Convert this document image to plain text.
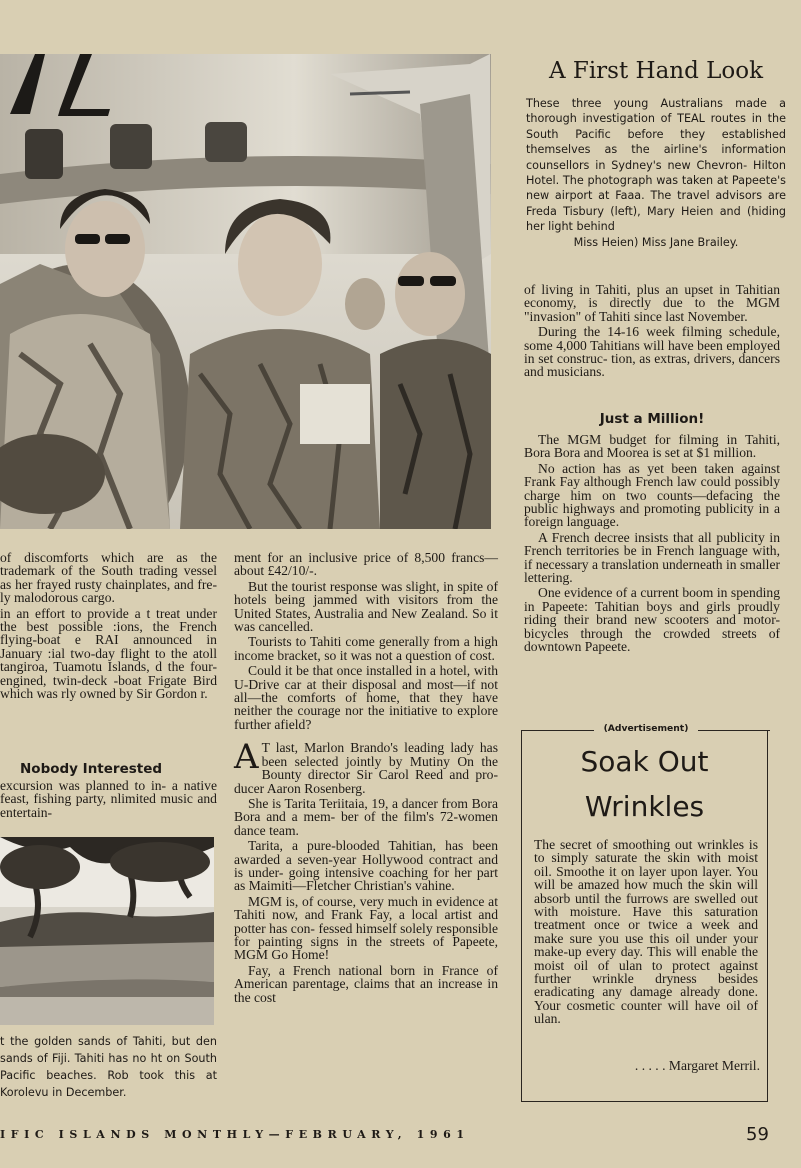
A First Hand Look
These three young Australians made a thorough investigation of TEAL routes in the South Pacific before they established themselves as the airline's information counsellors in Sydney's new Chevron- Hilton Hotel. The photograph was taken at Papeete's new airport at Faaa. The travel advisors are Freda Tisbury (left), Mary Heien and (hiding her light behind
Miss Heien) Miss Jane Brailey.

of discomforts which are as the trademark of the South trading vessel as her frayed rusty chainplates, and fre- ly malodorous cargo.

in an effort to provide a t treat under the best possible :ions, the French flying-boat e RAI announced in January :ial two-day flight to the atoll tangiroa, Tuamotu Islands, d the four-engined, twin-deck -boat Frigate Bird which was rly owned by Sir Gordon r.

Nobody Interested

excursion was planned to in- a native feast, fishing party, nlimited music and entertain-

t the golden sands of Tahiti, but den sands of Fiji. Tahiti has no ht on South Pacific beaches. Rob took this at Korolevu in December.

ment for an inclusive price of 8,500 francs—about £42/10/-.

But the tourist response was slight, in spite of hotels being jammed with visitors from the United States, Australia and New Zealand. So it was cancelled.

Tourists to Tahiti come generally from a high income bracket, so it was not a question of cost.

Could it be that once installed in a hotel, with U-Drive car at their disposal and most—if not all—the comforts of home, that they have neither the courage nor the initiative to explore further afield?

A T last, Marlon Brando's leading lady has been selected jointly by Mutiny On the Bounty director Sir Carol Reed and pro- ducer Aaron Rosenberg.

She is Tarita Teriitaia, 19, a dancer from Bora Bora and a mem- ber of the film's 72-women dance team.

Tarita, a pure-blooded Tahitian, has been awarded a seven-year Hollywood contract and is under- going intensive coaching for her part as Maimiti—Fletcher Christian's vahine.

MGM is, of course, very much in evidence at Tahiti now, and Frank Fay, a local artist and potter has con- fessed himself solely responsible for painting signs in the streets of Papeete, MGM Go Home!

Fay, a French national born in France of American parentage, claims that an increase in the cost

of living in Tahiti, plus an upset in Tahitian economy, is directly due to the MGM "invasion" of Tahiti since last November.

During the 14-16 week filming schedule, some 4,000 Tahitians will have been employed in set construc- tion, as extras, drivers, dancers and musicians.

Just a Million!

The MGM budget for filming in Tahiti, Bora Bora and Moorea is set at $1 million.

No action has as yet been taken against Frank Fay although French law could possibly charge him on two counts—defacing the public highways and promoting publicity in a foreign language.

A French decree insists that all publicity in French territories be in French language with, if necessary a translation underneath in smaller lettering.

One evidence of a current boom in spending in Papeete: Tahitian boys and girls proudly riding their brand new scooters and motor- bicycles through the crowded streets of downtown Papeete.

(Advertisement)
Soak Out
Wrinkles

The secret of smoothing out wrinkles is to simply saturate the skin with moist oil. Smoothe it on layer upon layer. You will be amazed how much the skin will absorb until the furrows are swelled out with moisture. Have this saturation treatment once or twice a week and make sure you use this oil under your make-up every day. This will enable the moist oil of ulan to protect against further wrinkle dryness besides eradicating any damage already done. Your cosmetic counter will have oil of ulan.

. . . . . Margaret Merril.
IFIC ISLANDS MONTHLY—FEBRUARY, 1961	59
